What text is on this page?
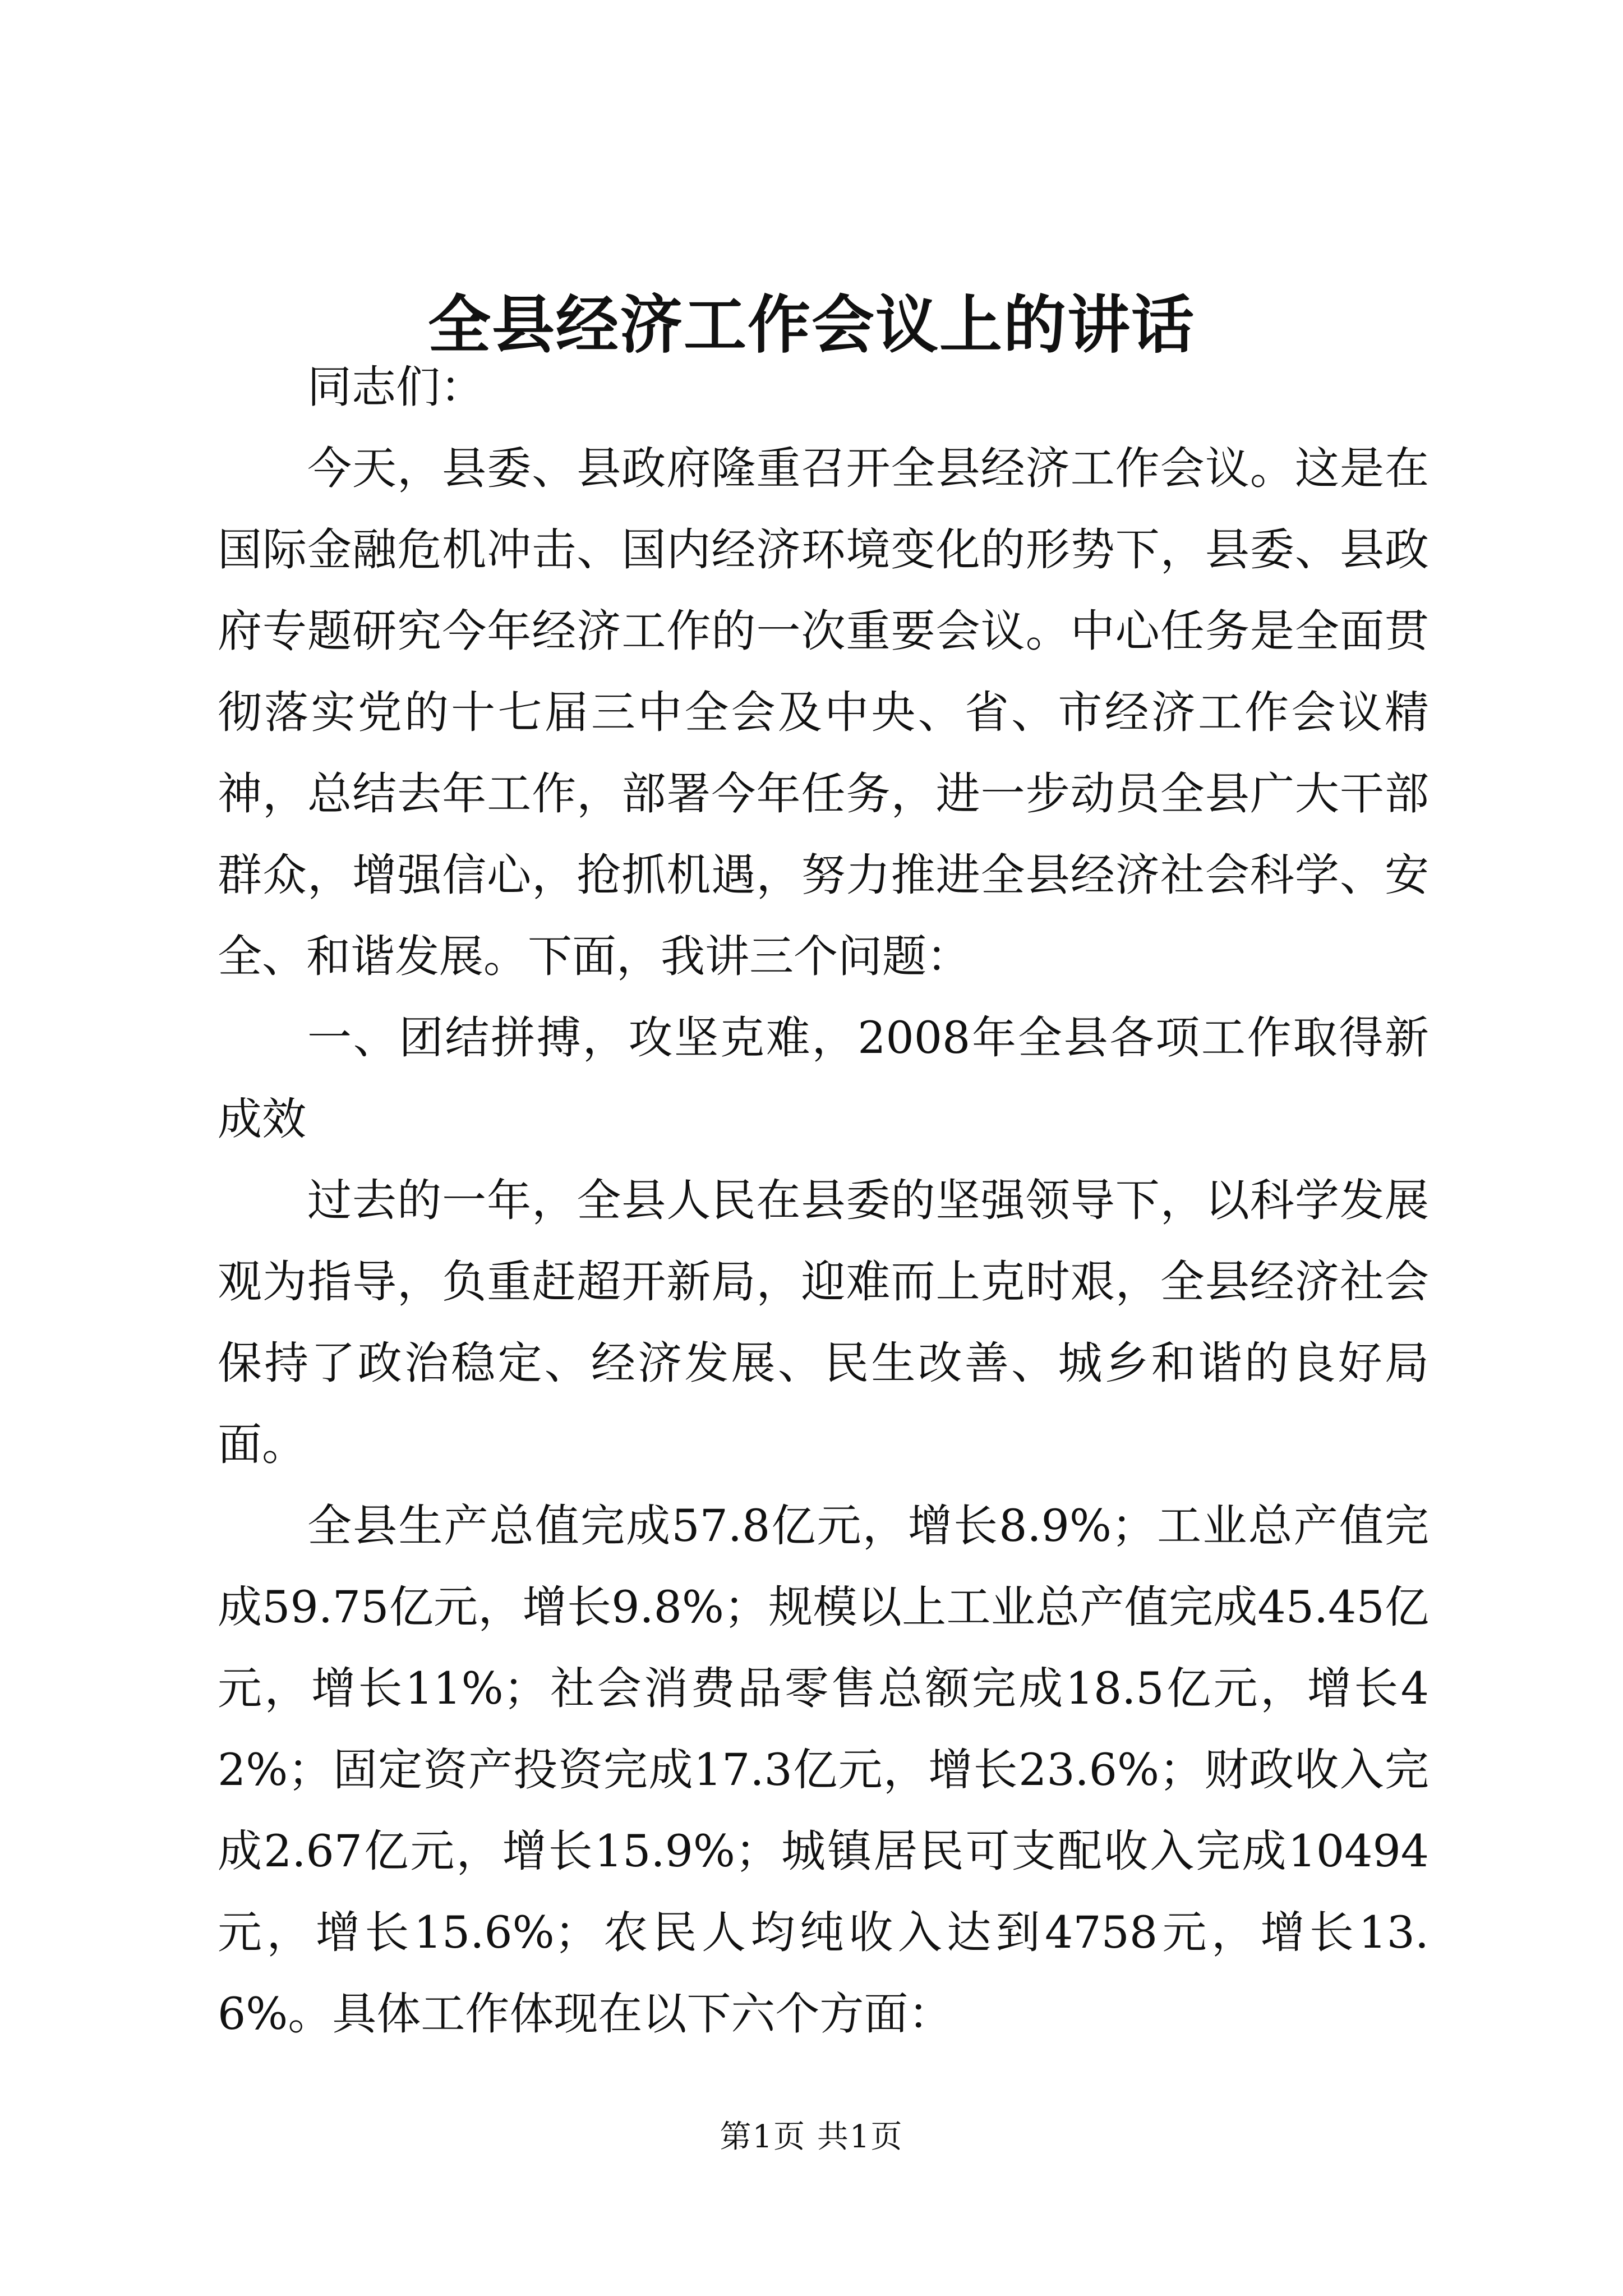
全县经济工作会议上的讲话

同志们：

今天，县委、县政府隆重召开全县经济工作会议。这是在国际金融危机冲击、国内经济环境变化的形势下，县委、县政府专题研究今年经济工作的一次重要会议。中心任务是全面贯彻落实党的十七届三中全会及中央、省、市经济工作会议精神，总结去年工作，部署今年任务，进一步动员全县广大干部群众，增强信心，抢抓机遇，努力推进全县经济社会科学、安全、和谐发展。下面，我讲三个问题：

一、团结拼搏，攻坚克难，2008年全县各项工作取得新成效

过去的一年，全县人民在县委的坚强领导下，以科学发展观为指导，负重赶超开新局，迎难而上克时艰，全县经济社会保持了政治稳定、经济发展、民生改善、城乡和谐的良好局面。

全县生产总值完成57.8亿元，增长8.9%；工业总产值完成59.75亿元，增长9.8%；规模以上工业总产值完成45.45亿元，增长11%；社会消费品零售总额完成18.5亿元，增长42%；固定资产投资完成17.3亿元，增长23.6%；财政收入完成2.67亿元，增长15.9%；城镇居民可支配收入完成10494元，增长15.6%；农民人均纯收入达到4758元，增长13.6%。具体工作体现在以下六个方面：

第1页 共1页
